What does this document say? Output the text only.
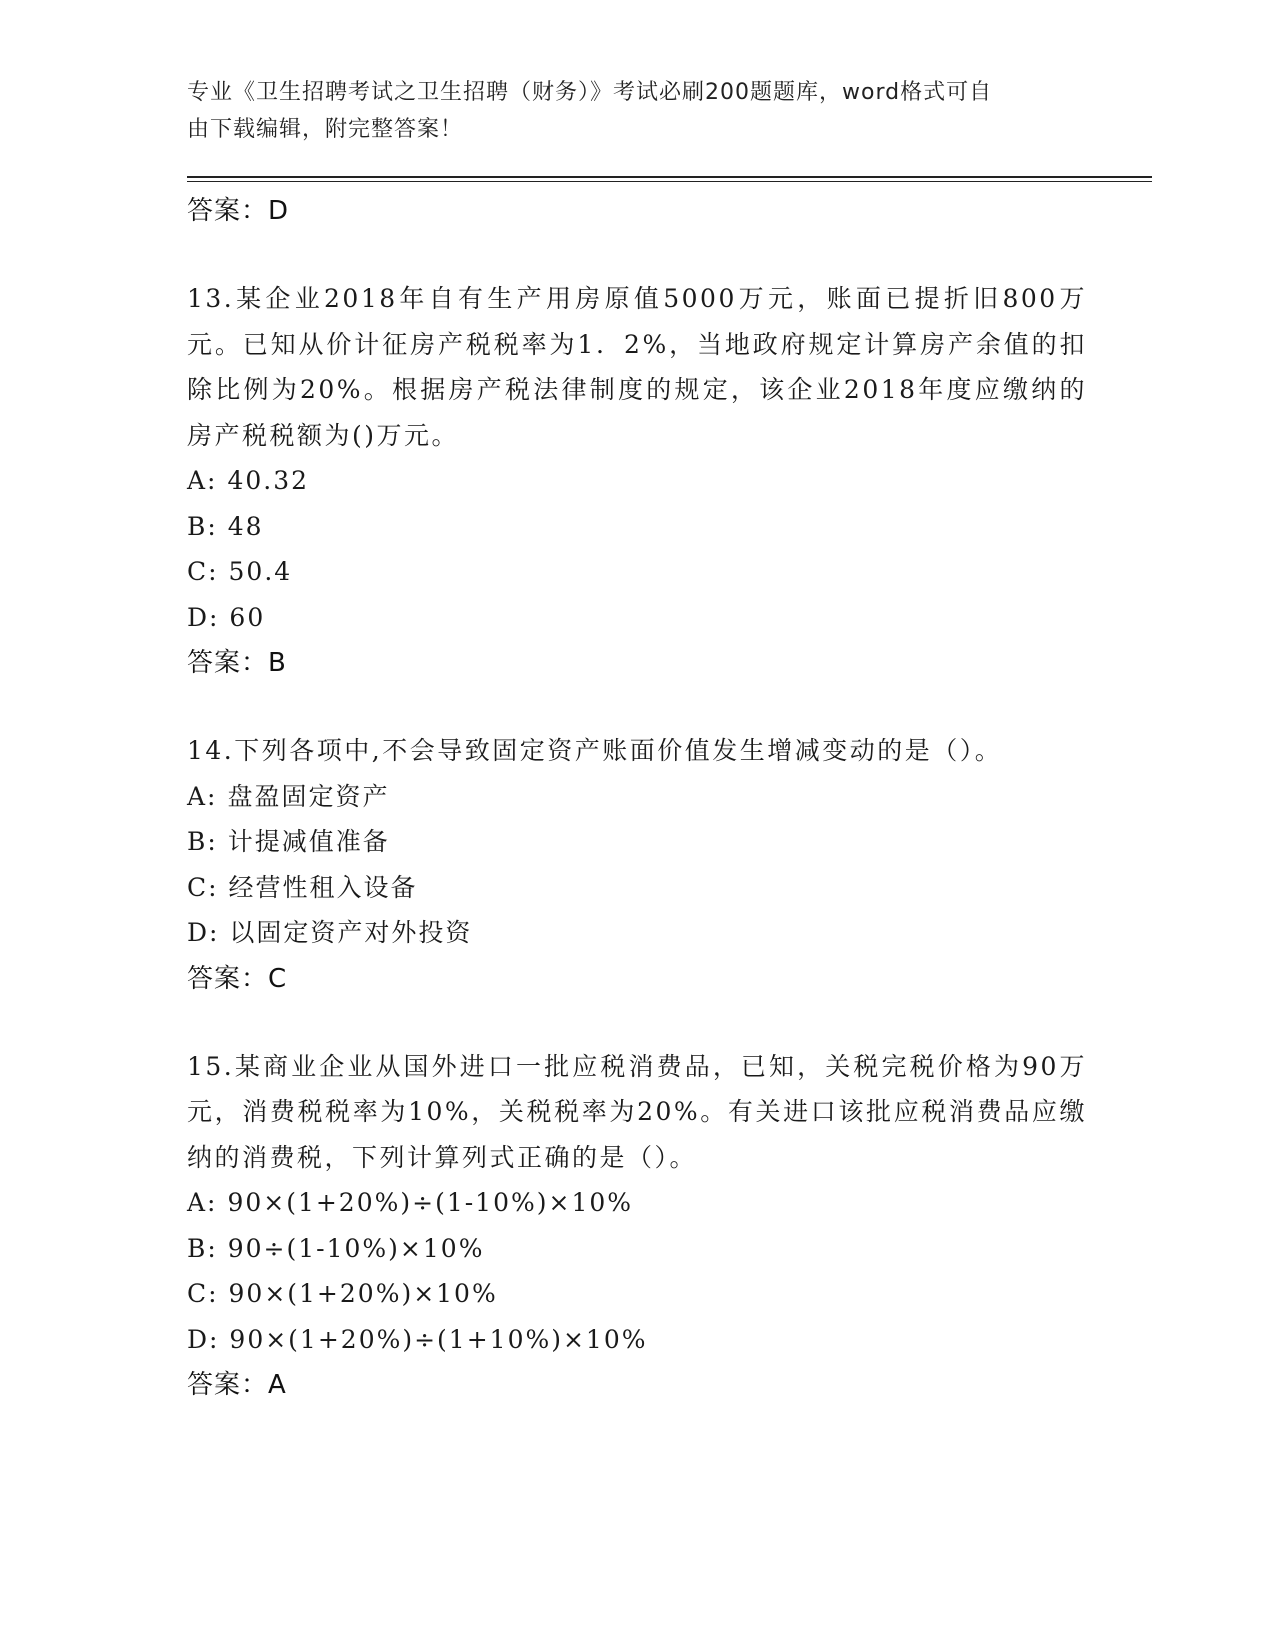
专业《卫生招聘考试之卫生招聘（财务）》考试必刷200题题库，word格式可自
由下载编辑，附完整答案！
答案：D
13.某企业2018年自有生产用房原值5000万元，账面已提折旧800万元。已知从价计征房产税税率为1．2%，当地政府规定计算房产余值的扣除比例为20%。根据房产税法律制度的规定，该企业2018年度应缴纳的房产税税额为()万元。
A: 40.32
B: 48
C: 50.4
D: 60
答案：B
14.下列各项中,不会导致固定资产账面价值发生增减变动的是（）。
A: 盘盈固定资产
B: 计提减值准备
C: 经营性租入设备
D: 以固定资产对外投资
答案：C
15.某商业企业从国外进口一批应税消费品，已知，关税完税价格为90万元，消费税税率为10%，关税税率为20%。有关进口该批应税消费品应缴纳的消费税，下列计算列式正确的是（）。
A: 90×(1+20%)÷(1-10%)×10%
B: 90÷(1-10%)×10%
C: 90×(1+20%)×10%
D: 90×(1+20%)÷(1+10%)×10%
答案：A
